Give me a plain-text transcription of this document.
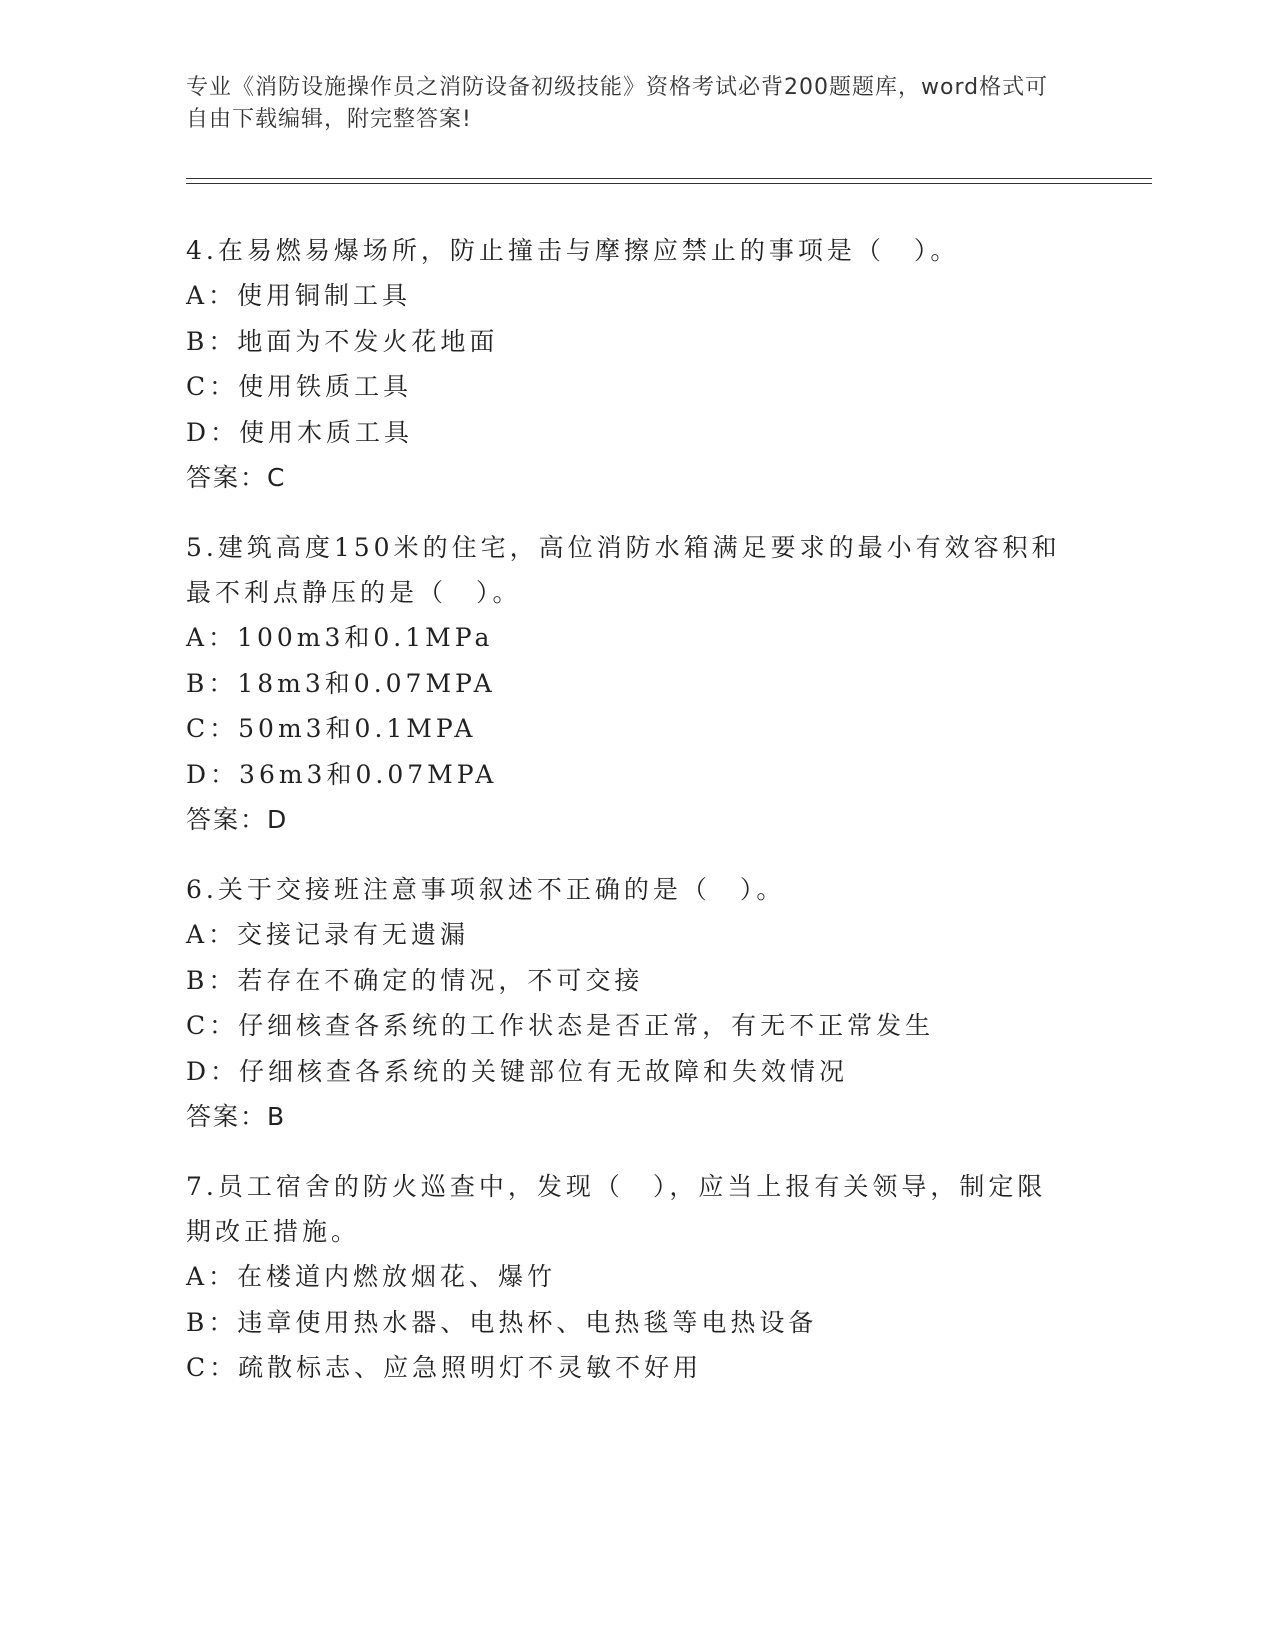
专业《消防设施操作员之消防设备初级技能》资格考试必背200题题库，word格式可自由下载编辑，附完整答案!

4.在易燃易爆场所，防止撞击与摩擦应禁止的事项是（　）。

A：使用铜制工具

B：地面为不发火花地面

C：使用铁质工具

D：使用木质工具

答案：C

5.建筑高度150米的住宅，高位消防水箱满足要求的最小有效容积和最不利点静压的是（　）。

A：100m3和0.1MPa

B：18m3和0.07MPA

C：50m3和0.1MPA

D：36m3和0.07MPA

答案：D

6.关于交接班注意事项叙述不正确的是（　）。

A：交接记录有无遗漏

B：若存在不确定的情况，不可交接

C：仔细核查各系统的工作状态是否正常，有无不正常发生

D：仔细核查各系统的关键部位有无故障和失效情况

答案：B

7.员工宿舍的防火巡查中，发现（　），应当上报有关领导，制定限期改正措施。

A：在楼道内燃放烟花、爆竹

B：违章使用热水器、电热杯、电热毯等电热设备

C：疏散标志、应急照明灯不灵敏不好用
